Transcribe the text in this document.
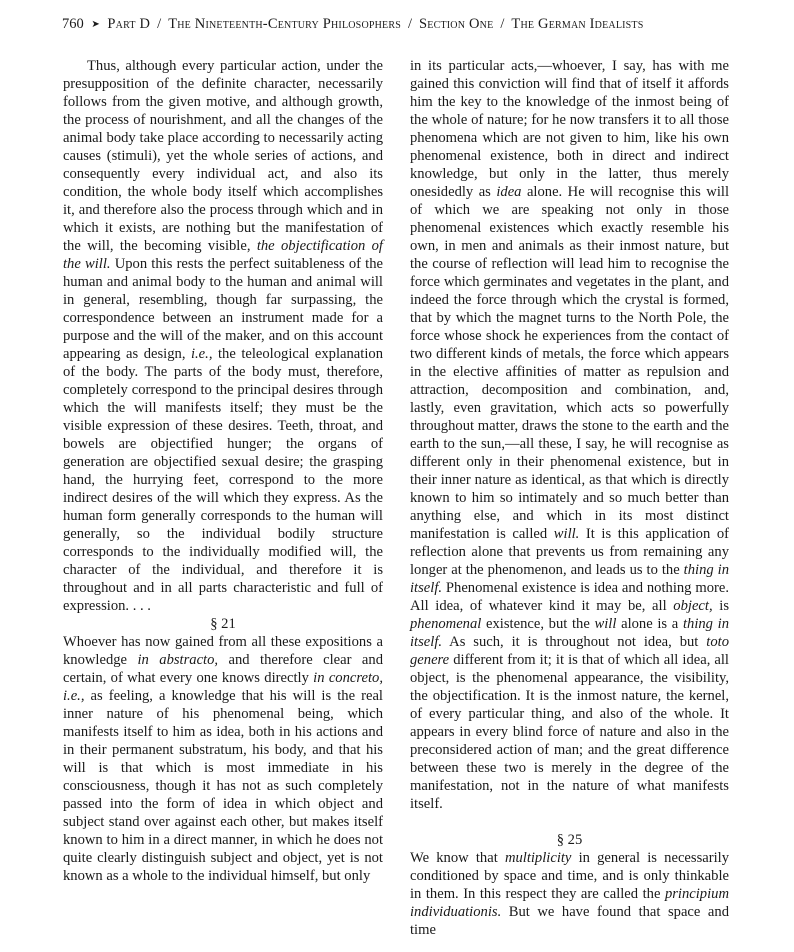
760 ➤ Part D / The Nineteenth-Century Philosophers / Section One / The German Idealists

Thus, although every particular action, under the presupposition of the definite character, necessarily follows from the given motive, and although growth, the process of nourishment, and all the changes of the animal body take place according to necessarily acting causes (stimuli), yet the whole series of actions, and consequently every individual act, and also its condition, the whole body itself which accomplishes it, and therefore also the process through which and in which it exists, are nothing but the manifestation of the will, the becoming visible, the objectification of the will. Upon this rests the perfect suitableness of the human and animal body to the human and animal will in general, resembling, though far surpassing, the correspondence between an instrument made for a purpose and the will of the maker, and on this account appearing as design, i.e., the teleological explanation of the body. The parts of the body must, therefore, completely correspond to the principal desires through which the will manifests itself; they must be the visible expression of these desires. Teeth, throat, and bowels are objectified hunger; the organs of generation are objectified sexual desire; the grasping hand, the hurrying feet, correspond to the more indirect desires of the will which they express. As the human form generally corresponds to the human will generally, so the individual bodily structure corresponds to the individually modified will, the character of the individual, and therefore it is throughout and in all parts characteristic and full of expression. . . .

§ 21

Whoever has now gained from all these expositions a knowledge in abstracto, and therefore clear and certain, of what every one knows directly in concreto, i.e., as feeling, a knowledge that his will is the real inner nature of his phenomenal being, which manifests itself to him as idea, both in his actions and in their permanent substratum, his body, and that his will is that which is most immediate in his consciousness, though it has not as such completely passed into the form of idea in which object and subject stand over against each other, but makes itself known to him in a direct manner, in which he does not quite clearly distinguish subject and object, yet is not known as a whole to the individual himself, but only

in its particular acts,—whoever, I say, has with me gained this conviction will find that of itself it affords him the key to the knowledge of the inmost being of the whole of nature; for he now transfers it to all those phenomena which are not given to him, like his own phenomenal existence, both in direct and indirect knowledge, but only in the latter, thus merely onesidedly as idea alone. He will recognise this will of which we are speaking not only in those phenomenal existences which exactly resemble his own, in men and animals as their inmost nature, but the course of reflection will lead him to recognise the force which germinates and vegetates in the plant, and indeed the force through which the crystal is formed, that by which the magnet turns to the North Pole, the force whose shock he experiences from the contact of two different kinds of metals, the force which appears in the elective affinities of matter as repulsion and attraction, decomposition and combination, and, lastly, even gravitation, which acts so powerfully throughout matter, draws the stone to the earth and the earth to the sun,—all these, I say, he will recognise as different only in their phenomenal existence, but in their inner nature as identical, as that which is directly known to him so intimately and so much better than anything else, and which in its most distinct manifestation is called will. It is this application of reflection alone that prevents us from remaining any longer at the phenomenon, and leads us to the thing in itself. Phenomenal existence is idea and nothing more. All idea, of whatever kind it may be, all object, is phenomenal existence, but the will alone is a thing in itself. As such, it is throughout not idea, but toto genere different from it; it is that of which all idea, all object, is the phenomenal appearance, the visibility, the objectification. It is the inmost nature, the kernel, of every particular thing, and also of the whole. It appears in every blind force of nature and also in the preconsidered action of man; and the great difference between these two is merely in the degree of the manifestation, not in the nature of what manifests itself.

§ 25

We know that multiplicity in general is necessarily conditioned by space and time, and is only thinkable in them. In this respect they are called the principium individuationis. But we have found that space and time
